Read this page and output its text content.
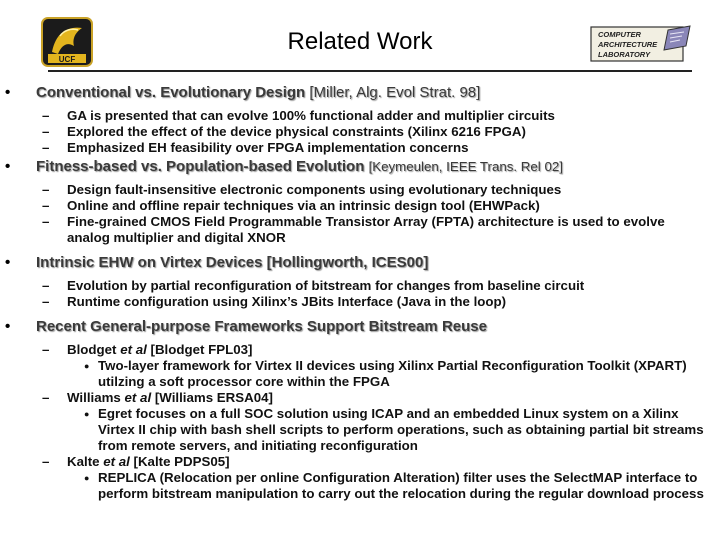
UCF
COMPUTER
ARCHITECTURE
LABORATORY
Related Work
• Conventional vs. Evolutionary Design [Miller, Alg. Evol Strat. 98]
– GA is presented that can evolve 100% functional adder and multiplier circuits
– Explored the effect of the device physical constraints (Xilinx 6216 FPGA)
– Emphasized EH feasibility over FPGA implementation concerns
• Fitness-based vs. Population-based Evolution [Keymeulen, IEEE Trans. Rel 02]
– Design fault-insensitive electronic components using evolutionary techniques
– Online and offline repair techniques via an intrinsic design tool (EHWPack)
– Fine-grained CMOS Field Programmable Transistor Array (FPTA) architecture is used to evolve analog multiplier and digital XNOR
• Intrinsic EHW on Virtex Devices [Hollingworth, ICES00]
– Evolution by partial reconfiguration of bitstream for changes from baseline circuit
– Runtime configuration using Xilinx’s JBits Interface (Java in the loop)
• Recent General-purpose Frameworks Support Bitstream Reuse
– Blodget et al [Blodget FPL03]
● Two-layer framework for Virtex II devices using Xilinx Partial Reconfiguration Toolkit (XPART) utilzing a soft processor core within the FPGA
– Williams et al [Williams ERSA04]
● Egret focuses on a full SOC solution using ICAP and an embedded Linux system on a Xilinx Virtex II chip with bash shell scripts to perform operations, such as obtaining partial bit streams from remote servers, and initiating reconfiguration
– Kalte et al [Kalte PDPS05]
● REPLICA (Relocation per online Configuration Alteration) filter uses the SelectMAP interface to perform bitstream manipulation to carry out the relocation during the regular download process
